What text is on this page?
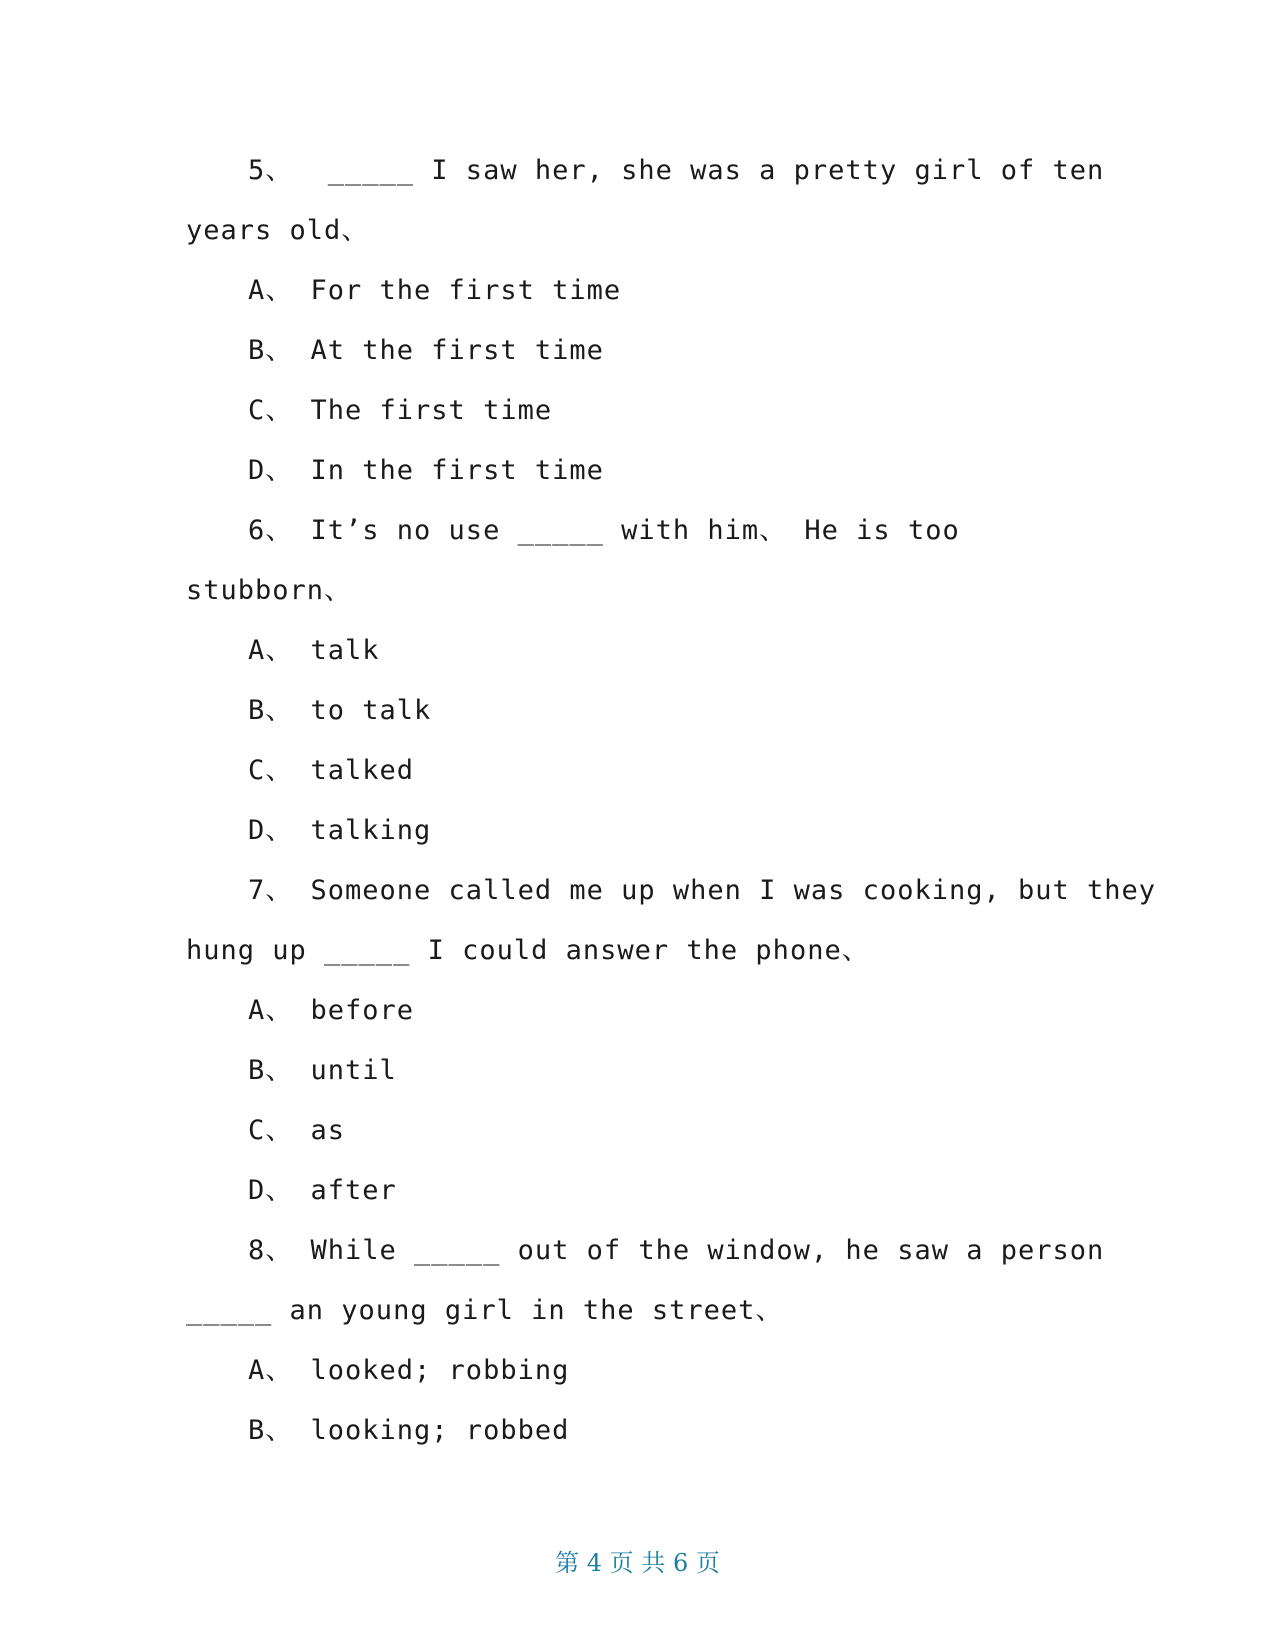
5、  _____ I saw her, she was a pretty girl of ten
years old、
A、 For the first time
B、 At the first time
C、 The first time
D、 In the first time
6、 It’s no use _____ with him、 He is too
stubborn、
A、 talk
B、 to talk
C、 talked
D、 talking
7、 Someone called me up when I was cooking, but they
hung up _____ I could answer the phone、
A、 before
B、 until
C、 as
D、 after
8、 While _____ out of the window, he saw a person
_____ an young girl in the street、
A、 looked; robbing
B、 looking; robbed
第 4 页 共 6 页
